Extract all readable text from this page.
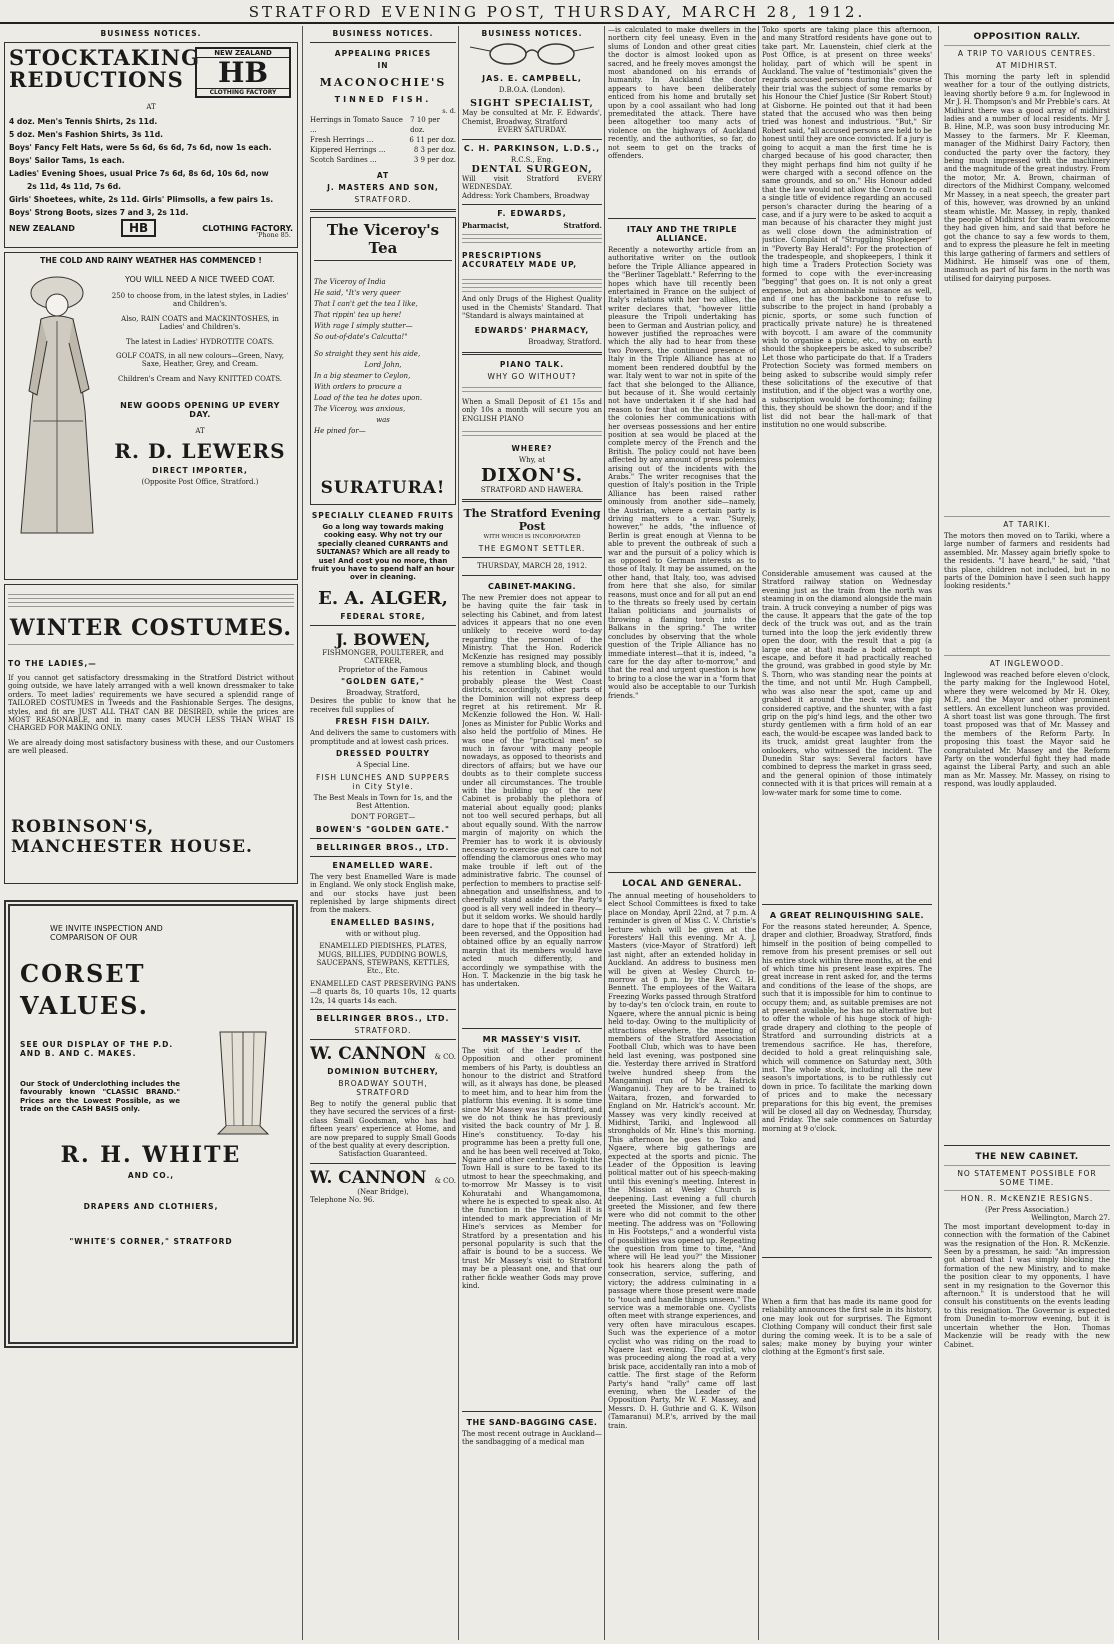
STRATFORD EVENING POST, THURSDAY, MARCH 28, 1912.
BUSINESS NOTICES.
STOCKTAKING REDUCTIONS
NEW ZEALAND
HB
CLOTHING FACTORY
AT
4 doz. Men's Tennis Shirts, 2s 11d.
5 doz. Men's Fashion Shirts, 3s 11d.
Boys' Fancy Felt Hats, were 5s 6d, 6s 6d, 7s 6d, now 1s each.
Boys' Sailor Tams, 1s each.
Ladies' Evening Shoes, usual Price 7s 6d, 8s 6d, 10s 6d, now
2s 11d, 4s 11d, 7s 6d.
Girls' Shoetees, white, 2s 11d. Girls' Plimsolls, a few pairs 1s.
Boys' Strong Boots, sizes 7 and 3, 2s 11d.
NEW ZEALAND	HB	CLOTHING FACTORY.
'Phone 85.
THE COLD AND RAINY WEATHER HAS COMMENCED !
YOU WILL NEED A NICE TWEED COAT.
250 to choose from, in the latest styles, in Ladies' and Children's.
Also, RAIN COATS and MACKINTOSHES, in Ladies' and Children's.
The latest in Ladies' HYDROTITE COATS.
GOLF COATS, in all new colours—Green, Navy, Saxe, Heather, Grey, and Cream.
Children's Cream and Navy KNITTED COATS.
NEW GOODS OPENING UP EVERY DAY.
AT
R. D. LEWERS
DIRECT IMPORTER,
(Opposite Post Office, Stratford.)
WINTER COSTUMES.
TO THE LADIES,—
If you cannot get satisfactory dressmaking in the Stratford District without going outside, we have lately arranged with a well known dressmaker to take orders. To meet ladies' requirements we have secured a splendid range of TAILORED COSTUMES in Tweeds and the Fashionable Serges. The designs, styles, and fit are JUST ALL THAT CAN BE DESIRED, while the prices are MOST REASONABLE, and in many cases MUCH LESS THAN WHAT IS CHARGED FOR MAKING ONLY.
We are already doing most satisfactory business with these, and our Customers are well pleased.
ROBINSON'S, MANCHESTER HOUSE.
WE INVITE INSPECTION AND COMPARISON OF OUR
CORSET VALUES.
SEE OUR DISPLAY OF THE P.D. AND B. AND C. MAKES.
Our Stock of Underclothing includes the favourably known "CLASSIC BRAND." Prices are the Lowest Possible, as we trade on the CASH BASIS only.
R. H. WHITE
AND CO.,
DRAPERS AND CLOTHIERS,
"WHITE'S CORNER," STRATFORD
BUSINESS NOTICES.
APPEALING PRICES
IN
MACONOCHIE'S
TINNED FISH.
s. d.
Herrings in Tomato Sauce ...
7 10 per doz.
Fresh Herrings ...	6 11 per doz.
Kippered Herrings ...	8 3 per doz.
Scotch Sardines ...	3 9 per doz.
AT
J. MASTERS AND SON,
STRATFORD.
The Viceroy's Tea
The Viceroy of India
He said, "It's very queer
That I can't get the tea I like,
That rippin' tea up here!
With rage I simply stutter—
So out-of-date's Calcutta!"
So straight they sent his aide,
Lord John,
In a big steamer to Ceylon,
With orders to procure a
Load of the tea he dotes upon.
The Viceroy, was anxious,
was
He pined for—
SURATURA!
SPECIALLY CLEANED FRUITS
Go a long way towards making cooking easy. Why not try our specially cleaned CURRANTS and SULTANAS? Which are all ready to use! And cost you no more, than fruit you have to spend half an hour over in cleaning.
E. A. ALGER,
FEDERAL STORE,
J. BOWEN,
FISHMONGER, POULTERER, and CATERER,
Proprietor of the Famous
"GOLDEN GATE,"
Broadway, Stratford,
Desires the public to know that he receives full supplies of
FRESH FISH DAILY.
And delivers the same to customers with promptitude and at lowest cash prices.
DRESSED POULTRY
A Special Line.
FISH LUNCHES AND SUPPERS in City Style.
The Best Meals in Town for 1s, and the Best Attention.
DON'T FORGET—
BOWEN'S "GOLDEN GATE."
BELLRINGER BROS., LTD.
ENAMELLED WARE.
The very best Enamelled Ware is made in England. We only stock English make, and our stocks have just been replenished by large shipments direct from the makers.
ENAMELLED BASINS,
with or without plug.
ENAMELLED PIEDISHES, PLATES, MUGS, BILLIES, PUDDING BOWLS, SAUCEPANS, STEWPANS, KETTLES, Etc., Etc.
ENAMELLED CAST PRESERVING PANS—8 quarts 8s, 10 quarts 10s, 12 quarts 12s, 14 quarts 14s each.
BELLRINGER BROS., LTD.
STRATFORD.
W. CANNON & CO.
DOMINION BUTCHERY,
BROADWAY SOUTH, STRATFORD
Beg to notify the general public that they have secured the services of a first-class Small Goodsman, who has had fifteen years' experience at Home, and are now prepared to supply Small Goods of the best quality at every description.
Satisfaction Guaranteed.
W. CANNON & CO.
(Near Bridge),
Telephone No. 96.
BUSINESS NOTICES.
JAS. E. CAMPBELL,
D.B.O.A. (London).
SIGHT SPECIALIST,
May be consulted at Mr. F. Edwards', Chemist, Broadway, Stratford
EVERY SATURDAY.
C. H. PARKINSON, L.D.S.,
R.C.S., Eng.
DENTAL SURGEON,
Will visit Stratford EVERY WEDNESDAY.
Address: York Chambers, Broadway
F. EDWARDS,
Pharmacist,	Stratford.
PRESCRIPTIONS ACCURATELY MADE UP,
And only Drugs of the Highest Quality used in the Chemists' Standard. That "Standard is always maintained at
EDWARDS' PHARMACY,
Broadway, Stratford.
PIANO TALK.
WHY GO WITHOUT?
When a Small Deposit of £1 15s and only 10s a month will secure you an ENGLISH PIANO
WHERE?
Why, at
DIXON'S.
STRATFORD AND HAWERA.
The Stratford Evening Post
WITH WHICH IS INCORPORATED
THE EGMONT SETTLER.
THURSDAY, MARCH 28, 1912.
CABINET-MAKING.
The new Premier does not appear to be having quite the fair task in selecting his Cabinet, and from latest advices it appears that no one even unlikely to receive word to-day regarding the personnel of the Ministry. That the Hon. Roderick McKenzie has resigned may possibly remove a stumbling block, and though his retention in Cabinet would probably please the West Coast districts, accordingly, other parts of the Dominion will not express deep regret at his retirement. Mr R. McKenzie followed the Hon. W. Hall-Jones as Minister for Public Works and also held the portfolio of Mines. He was one of the "practical men" so much in favour with many people nowadays, as opposed to theorists and directors of affairs; but we have our doubts as to their complete success under all circumstances. The trouble with the building up of the new Cabinet is probably the plethora of material about equally good; planks not too well secured perhaps, but all about equally sound. With the narrow margin of majority on which the Premier has to work it is obviously necessary to exercise great care to not offending the clamorous ones who may make trouble if left out of the administrative fabric. The counsel of perfection to members to practise self-abnegation and unselfishness, and to cheerfully stand aside for the Party's good is all very well indeed in theory—but it seldom works. We should hardly dare to hope that if the positions had been reversed, and the Opposition had obtained office by an equally narrow margin that its members would have acted much differently, and accordingly we sympathise with the Hon. T. Mackenzie in the big task he has undertaken.
MR MASSEY'S VISIT.
The visit of the Leader of the Opposition and other prominent members of his Party, is doubtless an honour to the district and Stratford will, as it always has done, be pleased to meet him, and to hear him from the platform this evening. It is some time since Mr Massey was in Stratford, and we do not think he has previously visited the back country of Mr J. B. Hine's constituency. To-day his programme has been a pretty full one, and he has been well received at Toko, Ngaire and other centres. To-night the Town Hall is sure to be taxed to its utmost to hear the speechmaking, and to-morrow Mr Massey is to visit Kohuratahi and Whangamomona, where he is expected to speak also. At the function in the Town Hall it is intended to mark appreciation of Mr Hine's services as Member for Stratford by a presentation and his personal popularity is such that the affair is bound to be a success. We trust Mr Massey's visit to Stratford may be a pleasant one, and that our rather fickle weather Gods may prove kind.
THE SAND-BAGGING CASE.
The most recent outrage in Auckland—the sandbagging of a medical man
—is calculated to make dwellers in the northern city feel uneasy. Even in the slums of London and other great cities the doctor is almost looked upon as sacred, and he freely moves amongst the most abandoned on his errands of humanity. In Auckland the doctor appears to have been deliberately enticed from his home and brutally set upon by a cool assailant who had long premeditated the attack. There have been altogether too many acts of violence on the highways of Auckland recently, and the authorities, so far, do not seem to get on the tracks of offenders.
ITALY AND THE TRIPLE ALLIANCE.
Recently a noteworthy article from an authoritative writer on the outlook before the Triple Alliance appeared in the "Berliner Tageblatt." Referring to the hopes which have till recently been entertained in France on the subject of Italy's relations with her two allies, the writer declares that, "however little pleasure the Tripoli undertaking has been to German and Austrian policy, and however justified the reproaches were which the ally had to hear from these two Powers, the continued presence of Italy in the Triple Alliance has at no moment been rendered doubtful by the war. Italy went to war not in spite of the fact that she belonged to the Alliance, but because of it. She would certainly not have undertaken it if she had had reason to fear that on the acquisition of the colonies her communications with her overseas possessions and her entire position at sea would be placed at the complete mercy of the French and the British. The policy could not have been affected by any amount of press polemics arising out of the incidents with the Arabs." The writer recognises that the question of Italy's position in the Triple Alliance has been raised rather ominously from another side—namely, the Austrian, where a certain party is driving matters to a war. "Surely, however," he adds, "the influence of Berlin is great enough at Vienna to be able to prevent the outbreak of such a war and the pursuit of a policy which is as opposed to German interests as to those of Italy. It may be assumed, on the other hand, that Italy, too, was advised from here that she also, for similar reasons, must once and for all put an end to the threats so freely used by certain Italian politicians and journalists of throwing a flaming torch into the Balkans in the spring." The writer concludes by observing that the whole question of the Triple Alliance has no immediate interest—that it is, indeed, "a care for the day after to-morrow," and that the real and urgent question is how to bring to a close the war in a "form that would also be acceptable to our Turkish friends."
LOCAL AND GENERAL.
The annual meeting of householders to elect School Committees is fixed to take place on Monday, April 22nd, at 7 p.m. A reminder is given of Miss C. V. Christie's lecture which will be given at the Foresters' Hall this evening. Mr A. J. Masters (vice-Mayor of Stratford) left last night, after an extended holiday in Auckland. An address to business men will be given at Wesley Church to-morrow at 8 p.m. by the Rev. C. H. Bennett. The employees of the Waitara Freezing Works passed through Stratford by to-day's ten o'clock train, en route to Ngaere, where the annual picnic is being held to-day. Owing to the multiplicity of attractions elsewhere, the meeting of members of the Stratford Association Football Club, which was to have been held last evening, was postponed sine die. Yesterday there arrived in Stratford twelve hundred sheep from the Mangamingi run of Mr A. Hatrick (Wanganui). They are to be trained to Waitara, frozen, and forwarded to England on Mr. Hatrick's account. Mr. Massey was very kindly received at Midhirst, Tariki, and Inglewood all strongholds of Mr. Hine's this morning. This afternoon he goes to Toko and Ngaere, where big gatherings are expected at the sports and picnic. The Leader of the Opposition is leaving political matter out of his speech-making until this evening's meeting. Interest in the Mission at Wesley Church is deepening. Last evening a full church greeted the Missioner, and few there were who did not commit to the other meeting. The address was on "Following in His Footsteps," and a wonderful vista of possibilities was opened up. Repeating the question from time to time, "And where will He lead you?" the Missioner took his hearers along the path of consecration, service, suffering, and victory; the address culminating in a passage where those present were made to "touch and handle things unseen." The service was a memorable one. Cyclists often meet with strange experiences, and very often have miraculous escapes. Such was the experience of a motor cyclist who was riding on the road to Ngaere last evening. The cyclist, who was proceeding along the road at a very brisk pace, accidentally ran into a mob of cattle. The first stage of the Reform Party's hand "rally" came off last evening, when the Leader of the Opposition Party, Mr W. F. Massey, and Messrs. D. H. Guthrie and G. K. Wilson (Tamaranui) M.P.'s, arrived by the mail train.
Toko sports are taking place this afternoon, and many Stratford residents have gone out to take part. Mr. Lauenstein, chief clerk at the Post Office, is at present on three weeks' holiday, part of which will be spent in Auckland. The value of "testimonials" given the regards accused persons during the course of their trial was the subject of some remarks by his Honour the Chief Justice (Sir Robert Stout) at Gisborne. He pointed out that it had been stated that the accused who was then being tried was honest and industrious. "But," Sir Robert said, "all accused persons are held to be honest until they are once convicted. If a jury is going to acquit a man the first time he is charged because of his good character, then they might perhaps find him not guilty if he were charged with a second offence on the same grounds, and so on." His Honour added that the law would not allow the Crown to call a single title of evidence regarding an accused person's character during the hearing of a case, and if a jury were to be asked to acquit a man because of his character they might just as well close down the administration of justice. Complaint of "Struggling Shopkeeper" in "Poverty Bay Herald": For the protection of the tradespeople, and shopkeepers, I think it high time a Traders Protection Society was formed to cope with the ever-increasing "begging" that goes on. It is not only a great expense, but an abominable nuisance as well, and if one has the backbone to refuse to subscribe to the project in hand (probably a picnic, sports, or some such function of practically private nature) he is threatened with boycott. I am aware of the community wish to organise a picnic, etc., why on earth should the shopkeepers be asked to subscribe? Let those who participate do that. If a Traders Protection Society was formed members on being asked to subscribe would simply refer these solicitations of the executive of that institution, and if the object was a worthy one, a subscription would be forthcoming; failing this, they should be shown the door; and if the list did not bear the hall-mark of that institution no one would subscribe.
Considerable amusement was caused at the Stratford railway station on Wednesday evening just as the train from the north was steaming in on the diamond alongside the main train. A truck conveying a number of pigs was the cause. It appears that the gate of the top deck of the truck was out, and as the train turned into the loop the jerk evidently threw open the door, with the result that a pig (a large one at that) made a bold attempt to escape, and before it had practically reached the ground, was grabbed in good style by Mr. S. Thorn, who was standing near the points at the time, and not until Mr. Hugh Campbell, who was also near the spot, came up and grabbed it around the neck was the pig considered captive, and the shunter, with a fast grip on the pig's hind legs, and the other two sturdy gentlemen with a firm hold of an ear each, the would-be escapee was landed back to its truck, amidst great laughter from the onlookers, who witnessed the incident. The Dunedin Star says: Several factors have combined to depress the market in grass seed, and the general opinion of those intimately connected with it is that prices will remain at a low-water mark for some time to come.
A GREAT RELINQUISHING SALE.
For the reasons stated hereunder, A. Spence, draper and clothier, Broadway, Stratford, finds himself in the position of being compelled to remove from his present premises or sell out his entire stock within three months, at the end of which time his present lease expires. The great increase in rent asked for, and the terms and conditions of the lease of the shops, are such that it is impossible for him to continue to occupy them; and, as suitable premises are not at present available, he has no alternative but to offer the whole of his huge stock of high-grade drapery and clothing to the people of Stratford and surrounding districts at a tremendous sacrifice. He has, therefore, decided to hold a great relinquishing sale, which will commence on Saturday next, 30th inst. The whole stock, including all the new season's importations, is to be ruthlessly cut down in price. To facilitate the marking down of prices and to make the necessary preparations for this big event, the premises will be closed all day on Wednesday, Thursday, and Friday. The sale commences on Saturday morning at 9 o'clock.
When a firm that has made its name good for reliability announces the first sale in its history, one may look out for surprises. The Egmont Clothing Company will conduct their first sale during the coming week. It is to be a sale of sales; make money by buying your winter clothing at the Egmont's first sale.
OPPOSITION RALLY.
A TRIP TO VARIOUS CENTRES.
AT MIDHIRST.
This morning the party left in splendid weather for a tour of the outlying districts, leaving shortly before 9 a.m. for Inglewood in Mr J. H. Thompson's and Mr Prebble's cars. At Midhirst there was a good array of midhirst ladies and a number of local residents. Mr J. B. Hine, M.P., was soon busy introducing Mr. Massey to the farmers. Mr F. Kleeman, manager of the Midhirst Dairy Factory, then conducted the party over the factory, they being much impressed with the machinery and the magnitude of the great industry. From the motor, Mr. A. Brown, chairman of directors of the Midhirst Company, welcomed Mr Massey, in a neat speech, the greater part of this, however, was drowned by an unkind steam whistle. Mr. Massey, in reply, thanked the people of Midhirst for the warm welcome they had given him, and said that before he got the chance to say a few words to them, and to express the pleasure he felt in meeting this large gathering of farmers and settlers of Midhirst. He himself was one of them, inasmuch as part of his farm in the north was utilised for dairying purposes.
AT TARIKI.
The motors then moved on to Tariki, where a large number of farmers and residents had assembled. Mr. Massey again briefly spoke to the residents. "I have heard," he said, "that this place, children not included, but in no parts of the Dominion have I seen such happy looking residents."
AT INGLEWOOD.
Inglewood was reached before eleven o'clock, the party making for the Inglewood Hotel, where they were welcomed by Mr H. Okey, M.P., and the Mayor and other prominent settlers. An excellent luncheon was provided. A short toast list was gone through. The first toast proposed was that of Mr. Massey and the members of the Reform Party. In proposing this toast the Mayor said he congratulated Mr. Massey and the Reform Party on the wonderful fight they had made against the Liberal Party, and such an able man as Mr. Massey. Mr. Massey, on rising to respond, was loudly applauded.
THE NEW CABINET.
NO STATEMENT POSSIBLE FOR SOME TIME.
HON. R. McKENZIE RESIGNS.
(Per Press Association.)
Wellington, March 27.
The most important development to-day in connection with the formation of the Cabinet was the resignation of the Hon. R. McKenzie. Seen by a pressman, he said: "An impression got abroad that I was simply blocking the formation of the new Ministry, and to make the position clear to my opponents, I have sent in my resignation to the Governor this afternoon." It is understood that he will consult his constituents on the events leading to this resignation. The Governor is expected from Dunedin to-morrow evening, but it is uncertain whether the Hon. Thomas Mackenzie will be ready with the new Cabinet.
